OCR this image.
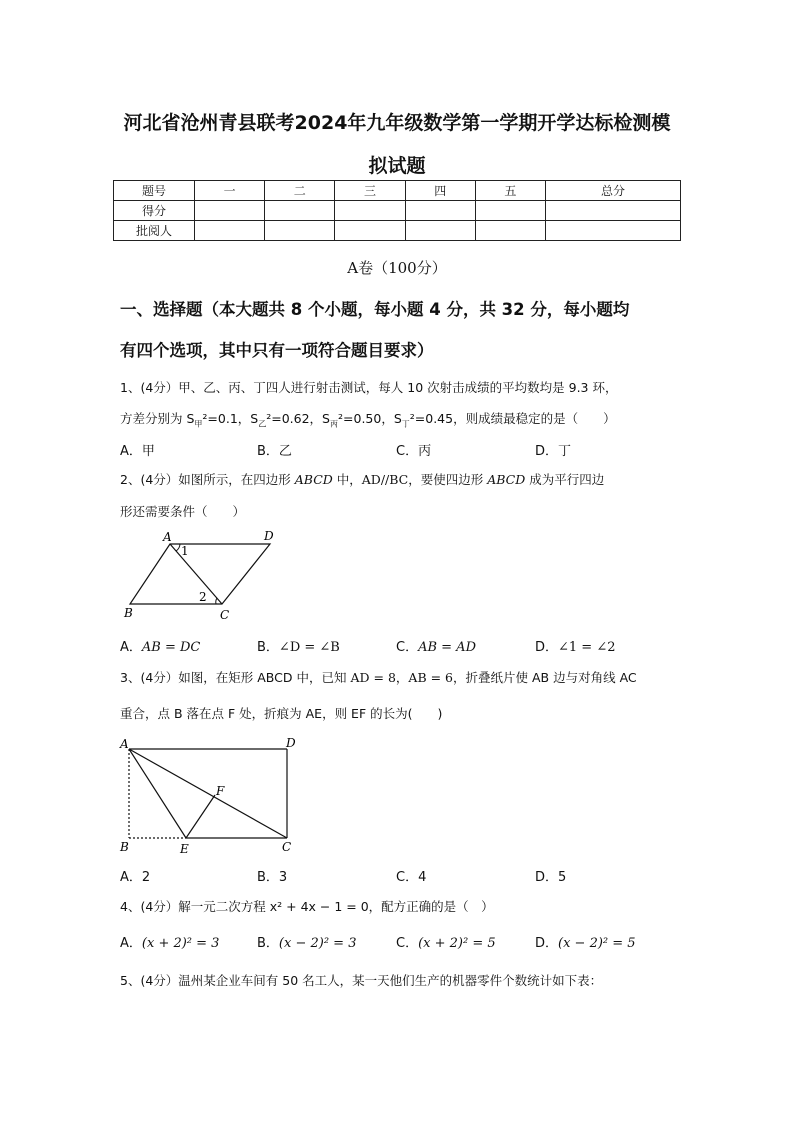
河北省沧州青县联考2024年九年级数学第一学期开学达标检测模
拟试题
题号	一	二	三	四	五	总分
得分						
批阅人						
A卷（100分）
一、选择题（本大题共 8 个小题，每小题 4 分，共 32 分，每小题均
有四个选项，其中只有一项符合题目要求）
1、(4分）甲、乙、丙、丁四人进行射击测试，每人 10 次射击成绩的平均数均是 9.3 环，
方差分别为 $S_甲^2=0.1$，$S_乙^2=0.62$，$S_丙^2=0.50$，$S_丁^2=0.45$，则成绩最稳定的是（　　）
A．甲	B．乙	C．丙	D．丁
2、(4分）如图所示，在四边形 ABCD 中，AD//BC，要使四边形 ABCD 成为平行四边
形还需要条件（　　）
A	D
B	C
1
2
A．AB = DC	B．∠D = ∠B	C．AB = AD	D．∠1 = ∠2
3、(4分）如图，在矩形 ABCD 中，已知 AD = 8，AB = 6，折叠纸片使 AB 边与对角线 AC
重合，点 B 落在点 F 处，折痕为 AE，则 EF 的长为(　　)
A	D
B	E	C
F
A．2	B．3	C．4	D．5
4、(4分）解一元二次方程 x² + 4x − 1 = 0，配方正确的是（　）
A．(x + 2)² = 3	B．(x − 2)² = 3	C．(x + 2)² = 5	D．(x − 2)² = 5
5、(4分）温州某企业车间有 50 名工人，某一天他们生产的机器零件个数统计如下表：
